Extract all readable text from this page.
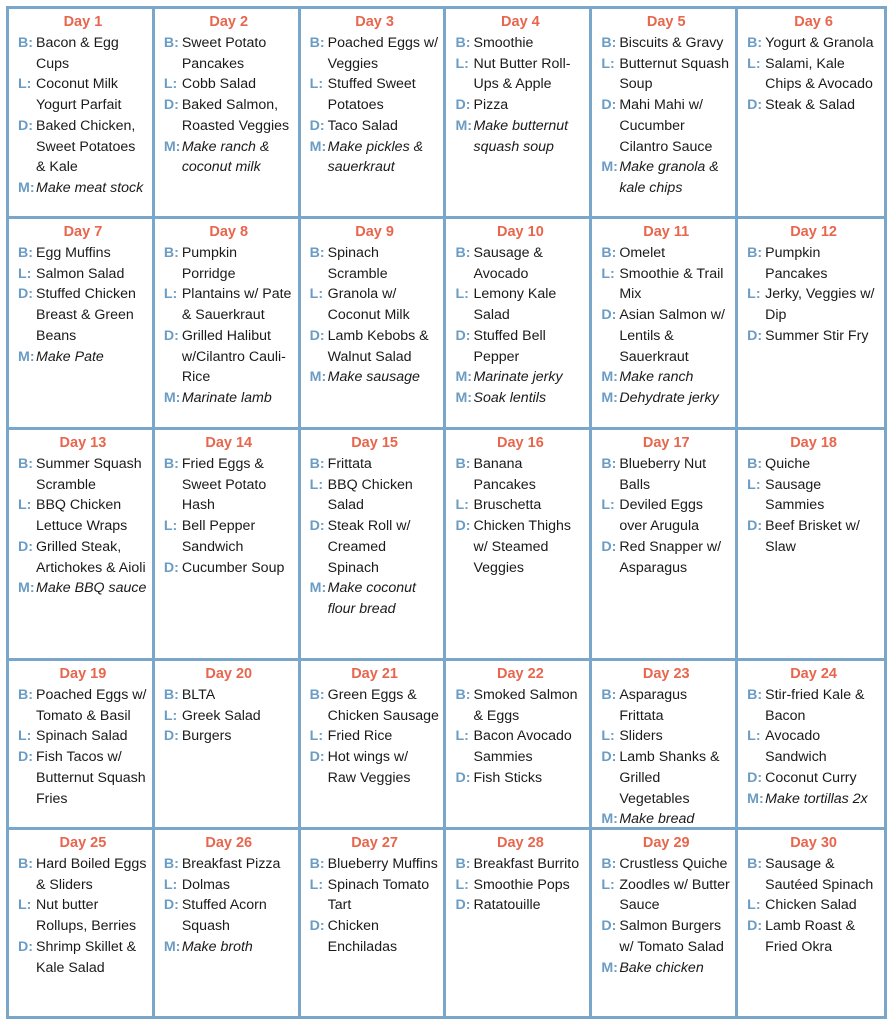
Day 1
B: Bacon & Egg Cups
L: Coconut Milk Yogurt Parfait
D: Baked Chicken, Sweet Potatoes & Kale
M:Make meat stock
Day 2
B: Sweet Potato Pancakes
L: Cobb Salad
D: Baked Salmon, Roasted Veggies
M:Make ranch & coconut milk
Day 3
B: Poached Eggs w/ Veggies
L: Stuffed Sweet Potatoes
D: Taco Salad
M:Make pickles & sauerkraut
Day 4
B: Smoothie
L: Nut Butter Roll-Ups & Apple
D: Pizza
M:Make butternut squash soup
Day 5
B: Biscuits & Gravy
L: Butternut Squash Soup
D: Mahi Mahi w/ Cucumber Cilantro Sauce
M:Make granola & kale chips
Day 6
B: Yogurt & Granola
L: Salami, Kale Chips & Avocado
D: Steak & Salad
Day 7
B: Egg Muffins
L: Salmon Salad
D: Stuffed Chicken Breast & Green Beans
M:Make Pate
Day 8
B: Pumpkin Porridge
L: Plantains w/ Pate & Sauerkraut
D: Grilled Halibut w/Cilantro Cauli- Rice
M:Marinate lamb
Day 9
B: Spinach Scramble
L: Granola w/ Coconut Milk
D: Lamb Kebobs & Walnut Salad
M:Make sausage
Day 10
B: Sausage & Avocado
L: Lemony Kale Salad
D: Stuffed Bell Pepper
M:Marinate jerky
M:Soak lentils
Day 11
B: Omelet
L: Smoothie & Trail Mix
D: Asian Salmon w/ Lentils & Sauerkraut
M:Make ranch
M:Dehydrate jerky
Day 12
B: Pumpkin Pancakes
L: Jerky, Veggies w/ Dip
D: Summer Stir Fry
Day 13
B: Summer Squash Scramble
L: BBQ Chicken Lettuce Wraps
D: Grilled Steak, Artichokes & Aioli
M:Make BBQ sauce
Day 14
B: Fried Eggs & Sweet Potato Hash
L: Bell Pepper Sandwich
D: Cucumber Soup
Day 15
B: Frittata
L: BBQ Chicken Salad
D: Steak Roll w/ Creamed Spinach
M:Make coconut flour bread
Day 16
B: Banana Pancakes
L: Bruschetta
D: Chicken Thighs w/ Steamed Veggies
Day 17
B: Blueberry Nut Balls
L: Deviled Eggs over Arugula
D: Red Snapper w/ Asparagus
Day 18
B: Quiche
L: Sausage Sammies
D: Beef Brisket w/ Slaw
Day 19
B: Poached Eggs w/ Tomato & Basil
L: Spinach Salad
D: Fish Tacos w/ Butternut Squash Fries
Day 20
B: BLTA
L: Greek Salad
D: Burgers
Day 21
B: Green Eggs & Chicken Sausage
L: Fried Rice
D: Hot wings w/ Raw Veggies
Day 22
B: Smoked Salmon & Eggs
L: Bacon Avocado Sammies
D: Fish Sticks
Day 23
B: Asparagus Frittata
L: Sliders
D: Lamb Shanks & Grilled Vegetables
M:Make bread
Day 24
B: Stir-fried Kale & Bacon
L: Avocado Sandwich
D: Coconut Curry
M:Make tortillas 2x
Day 25
B: Hard Boiled Eggs & Sliders
L: Nut butter Rollups, Berries
D: Shrimp Skillet & Kale Salad
Day 26
B: Breakfast Pizza
L: Dolmas
D: Stuffed Acorn Squash
M:Make broth
Day 27
B: Blueberry Muffins
L: Spinach Tomato Tart
D: Chicken Enchiladas
Day 28
B: Breakfast Burrito
L: Smoothie Pops
D: Ratatouille
Day 29
B: Crustless Quiche
L: Zoodles w/ Butter Sauce
D: Salmon Burgers w/ Tomato Salad
M:Bake chicken
Day 30
B: Sausage & Sautéed Spinach
L: Chicken Salad
D: Lamb Roast & Fried Okra
